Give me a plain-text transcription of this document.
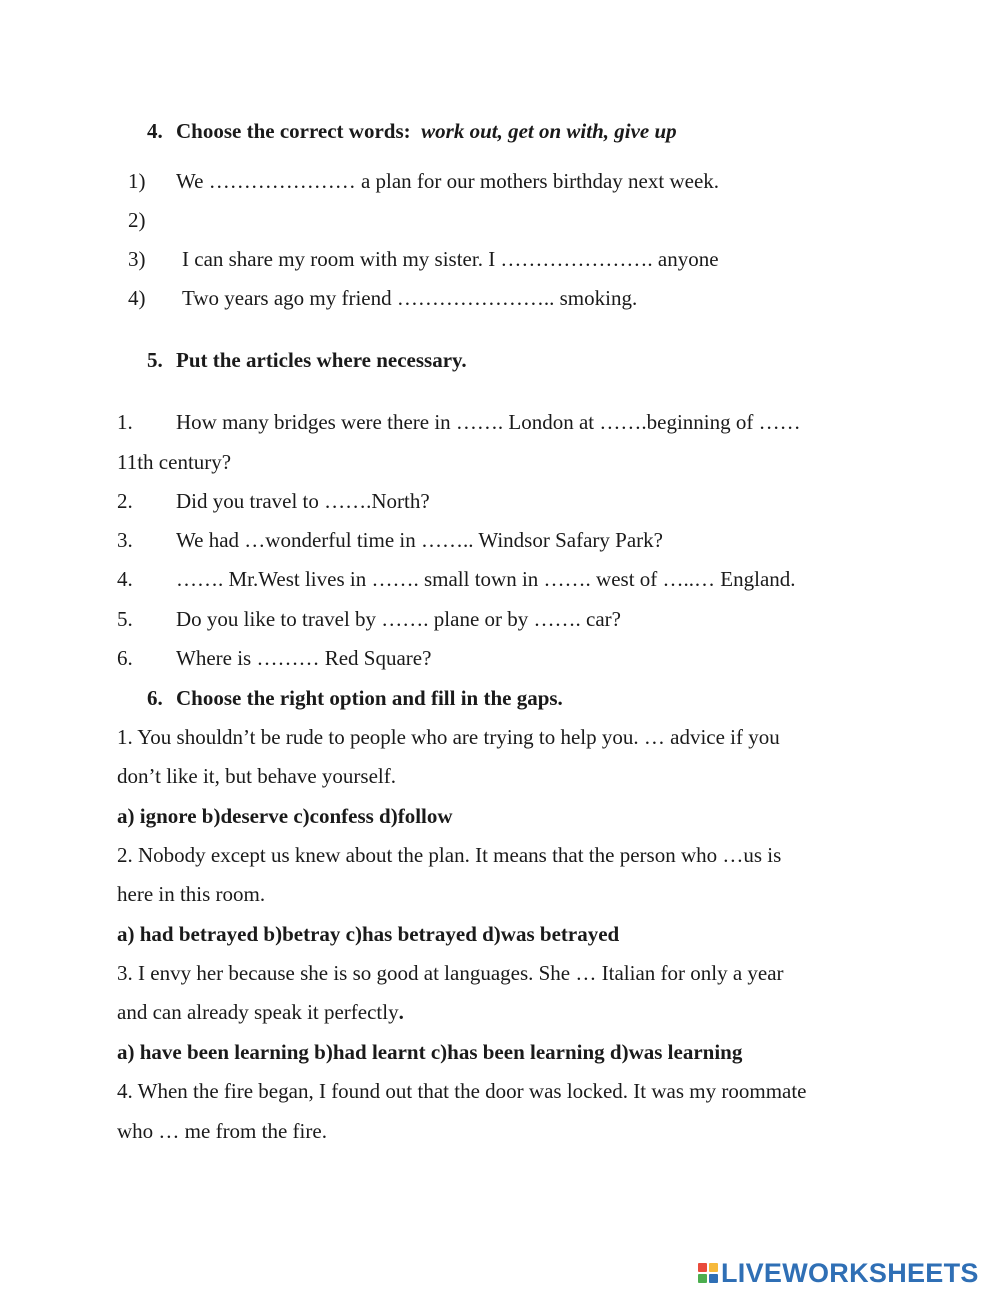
4. Choose the correct words: work out, get on with, give up
1) We ………………… a plan for our mothers birthday next week.
2)
3) I can share my room with my sister. I …………………. anyone
4) Two years ago my friend ………………….. smoking.
5. Put the articles where necessary.
1. How many bridges were there in ……. London at …….beginning of ……
11th century?
2. Did you travel to …….North?
3. We had …wonderful time in …….. Windsor Safary Park?
4. ……. Mr.West lives in ……. small town in ……. west of …..… England.
5. Do you like to travel by ……. plane or by ……. car?
6. Where is ……… Red Square?
6. Choose the right option and fill in the gaps.
1. You shouldn’t be rude to people who are trying to help you. … advice if you
don’t like it, but behave yourself.
a) ignore b)deserve c)confess d)follow
2. Nobody except us knew about the plan. It means that the person who …us is
here in this room.
a) had betrayed b)betray c)has betrayed d)was betrayed
3. I envy her because she is so good at languages. She … Italian for only a year
and can already speak it perfectly.
a) have been learning b)had learnt c)has been learning d)was learning
4. When the fire began, I found out that the door was locked. It was my roommate
who … me from the fire.
LIVEWORKSHEETS
